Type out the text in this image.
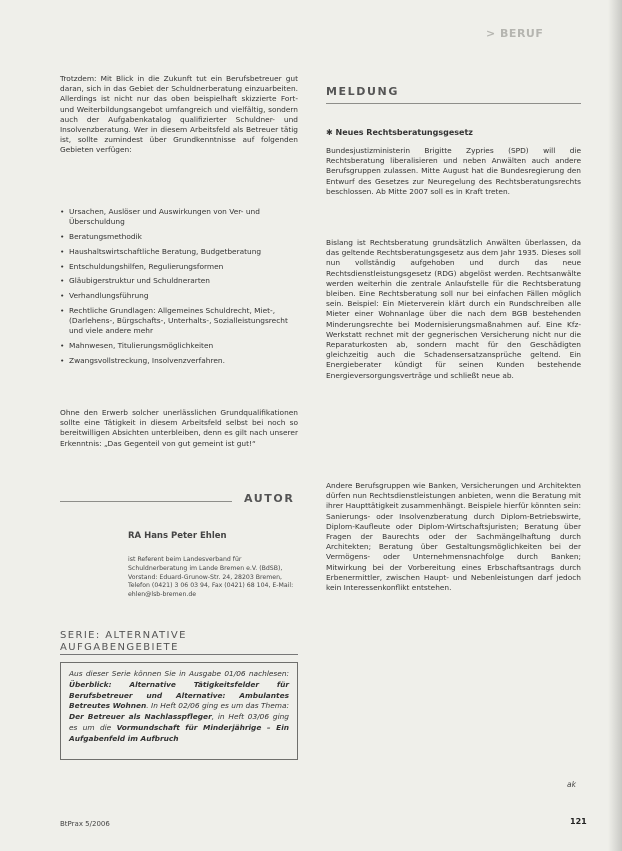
> BERUF

Trotzdem: Mit Blick in die Zukunft tut ein Berufsbetreuer gut daran, sich in das Gebiet der Schuldnerberatung einzuarbeiten. Allerdings ist nicht nur das oben beispielhaft skizzierte Fort- und Weiterbildungsangebot umfangreich und vielfältig, sondern auch der Aufgabenkatalog qualifizierter Schuldner- und Insolvenzberatung. Wer in diesem Arbeitsfeld als Betreuer tätig ist, sollte zumindest über Grundkenntnisse auf folgenden Gebieten verfügen:

• Ursachen, Auslöser und Auswirkungen von Ver- und Überschuldung
• Beratungsmethodik
• Haushaltswirtschaftliche Beratung, Budgetberatung
• Entschuldungshilfen, Regulierungsformen
• Gläubigerstruktur und Schuldnerarten
• Verhandlungsführung
• Rechtliche Grundlagen: Allgemeines Schuldrecht, Miet-, (Darlehens-, Bürgschafts-, Unterhalts-, Sozialleistungsrecht und viele andere mehr
• Mahnwesen, Titulierungsmöglichkeiten
• Zwangsvollstreckung, Insolvenzverfahren.

Ohne den Erwerb solcher unerlässlichen Grundqualifikationen sollte eine Tätigkeit in diesem Arbeitsfeld selbst bei noch so bereitwilligen Absichten unterbleiben, denn es gilt nach unserer Erkenntnis: „Das Gegenteil von gut gemeint ist gut!“

AUTOR
RA Hans Peter Ehlen

ist Referent beim Landesverband für Schuldnerberatung im Lande Bremen e.V. (BdSB), Vorstand: Eduard-Grunow-Str. 24, 28203 Bremen, Telefon (0421) 3 06 03 94, Fax (0421) 68 104, E-Mail: ehlen@lsb-bremen.de

SERIE: ALTERNATIVE
AUFGABENGEBIETE
Aus dieser Serie können Sie in Ausgabe 01/06 nachlesen: Überblick: Alternative Tätigkeitsfelder für Berufsbetreuer und Alternative: Ambulantes Betreutes Wohnen. In Heft 02/06 ging es um das Thema: Der Betreuer als Nachlasspfleger, in Heft 03/06 ging es um die Vormundschaft für Minderjährige – Ein Aufgabenfeld im Aufbruch
MELDUNG
✱ Neues Rechtsberatungsgesetz

Bundesjustizministerin Brigitte Zypries (SPD) will die Rechtsberatung liberalisieren und neben Anwälten auch andere Berufsgruppen zulassen. Mitte August hat die Bundesregierung den Entwurf des Gesetzes zur Neuregelung des Rechtsberatungsrechts beschlossen. Ab Mitte 2007 soll es in Kraft treten.

Bislang ist Rechtsberatung grundsätzlich Anwälten überlassen, da das geltende Rechtsberatungsgesetz aus dem Jahr 1935. Dieses soll nun vollständig aufgehoben und durch das neue Rechtsdienstleistungsgesetz (RDG) abgelöst werden. Rechtsanwälte werden weiterhin die zentrale Anlaufstelle für die Rechtsberatung bleiben. Eine Rechtsberatung soll nur bei einfachen Fällen möglich sein. Beispiel: Ein Mieterverein klärt durch ein Rundschreiben alle Mieter einer Wohnanlage über die nach dem BGB bestehenden Minderungsrechte bei Modernisierungsmaßnahmen auf. Eine Kfz-Werkstatt rechnet mit der gegnerischen Versicherung nicht nur die Reparaturkosten ab, sondern macht für den Geschädigten gleichzeitig auch die Schadensersatzansprüche geltend. Ein Energieberater kündigt für seinen Kunden bestehende Energieversorgungsverträge und schließt neue ab.

Andere Berufsgruppen wie Banken, Versicherungen und Architekten dürfen nun Rechtsdienstleistungen anbieten, wenn die Beratung mit ihrer Haupttätigkeit zusammenhängt. Beispiele hierfür könnten sein: Sanierungs- oder Insolvenzberatung durch Diplom-Betriebswirte, Diplom-Kaufleute oder Diplom-Wirtschaftsjuristen; Beratung über Fragen der Baurechts oder der Sachmängelhaftung durch Architekten; Beratung über Gestaltungsmöglichkeiten bei der Vermögens- oder Unternehmensnachfolge durch Banken; Mitwirkung bei der Vorbereitung eines Erbschaftsantrags durch Erbenermittler, zwischen Haupt- und Nebenleistungen darf jedoch kein Interessenkonflikt entstehen.

ak
BtPrax 5/2006	121
